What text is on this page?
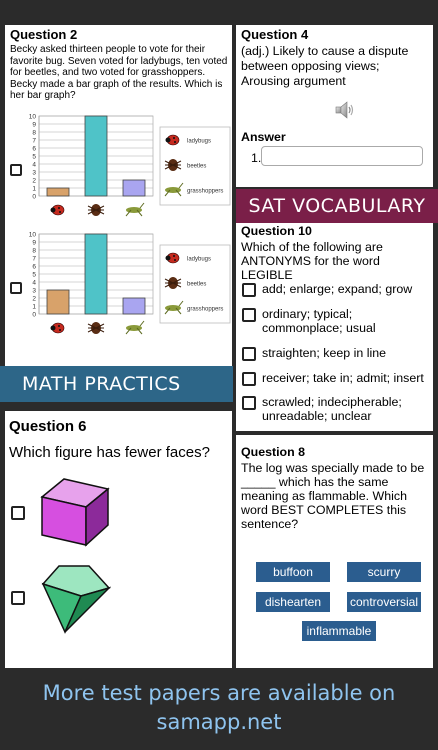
Question 2
Becky asked thirteen people to vote for their favorite bug. Seven voted for ladybugs, ten voted for beetles, and two voted for grasshoppers. Becky made a bar graph of the results. Which is her bar graph?
0
1
2
3
4
5
6
7
8
9
10
ladybugs
beetles
grasshoppers
0
1
2
3
4
5
6
7
8
9
10
ladybugs
beetles
grasshoppers
Question 4
(adj.) Likely to cause a dispute between opposing views; Arousing argument
Answer
1.
SAT VOCABULARY
Question 10
Which of the following are ANTONYMS for the word LEGIBLE
add; enlarge; expand; grow
ordinary; typical; commonplace; usual
straighten; keep in line
receiver; take in; admit; insert
scrawled; indecipherable; unreadable; unclear
MATH PRACTICS
Question 6
Which figure has fewer faces?	Question 8
The log was specially made to be _____ which has the same meaning as flammable. Which word BEST COMPLETES this sentence?
buffoon	scurry
dishearten	controversial
inflammable
More test papers are available on
samapp.net
